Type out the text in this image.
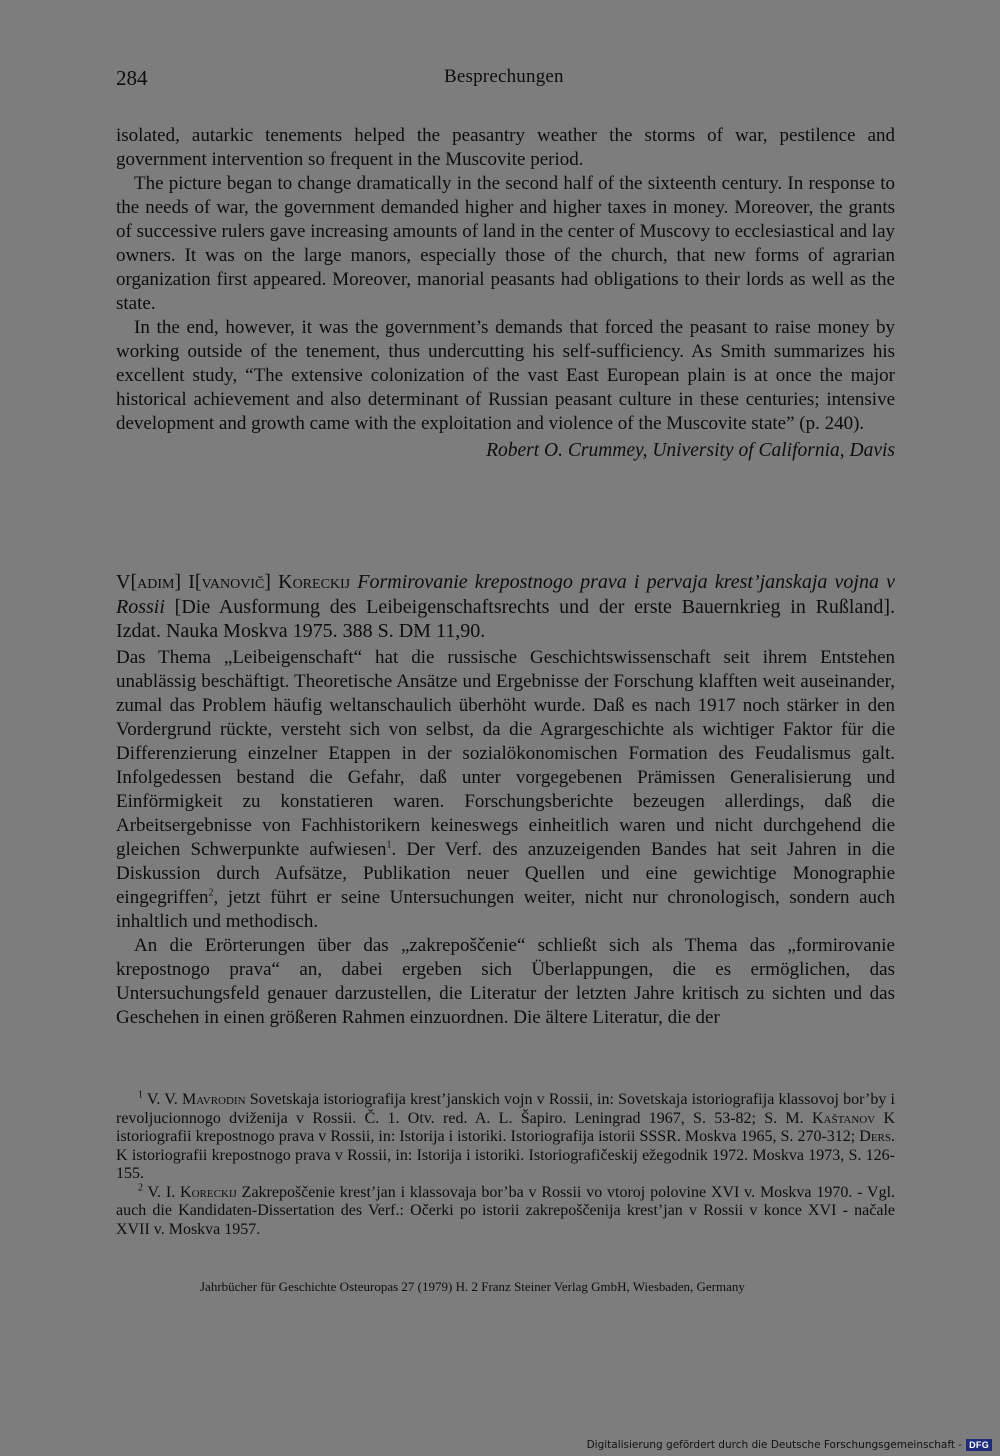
284	Besprechungen

isolated, autarkic tenements helped the peasantry weather the storms of war, pestilence and government intervention so frequent in the Muscovite period.

The picture began to change dramatically in the second half of the sixteenth century. In response to the needs of war, the government demanded higher and higher taxes in money. Moreover, the grants of successive rulers gave increasing amounts of land in the center of Muscovy to ecclesiastical and lay owners. It was on the large manors, especially those of the church, that new forms of agrarian organization first appeared. Moreover, manorial peasants had obligations to their lords as well as the state.

In the end, however, it was the government’s demands that forced the peasant to raise money by working outside of the tenement, thus undercutting his self-sufficiency. As Smith summarizes his excellent study, “The extensive colonization of the vast East European plain is at once the major historical achievement and also determinant of Russian peasant culture in these centuries; intensive development and growth came with the exploitation and violence of the Muscovite state” (p. 240).

Robert O. Crummey, University of California, Davis

V[adim] I[vanovič] Koreckij Formirovanie krepostnogo prava i pervaja krest’janskaja vojna v Rossii [Die Ausformung des Leibeigenschaftsrechts und der erste Bauernkrieg in Rußland]. Izdat. Nauka Moskva 1975. 388 S. DM 11,90.

Das Thema „Leibeigenschaft“ hat die russische Geschichtswissenschaft seit ihrem Entstehen unablässig beschäftigt. Theoretische Ansätze und Ergebnisse der Forschung klafften weit auseinander, zumal das Problem häufig weltanschaulich überhöht wurde. Daß es nach 1917 noch stärker in den Vordergrund rückte, versteht sich von selbst, da die Agrargeschichte als wichtiger Faktor für die Differenzierung einzelner Etappen in der sozialökonomischen Formation des Feudalismus galt. Infolgedessen bestand die Gefahr, daß unter vorgegebenen Prämissen Generalisierung und Einförmigkeit zu konstatieren waren. Forschungsberichte bezeugen allerdings, daß die Arbeitsergebnisse von Fachhistorikern keineswegs einheitlich waren und nicht durchgehend die gleichen Schwerpunkte aufwiesen$^1$. Der Verf. des anzuzeigenden Bandes hat seit Jahren in die Diskussion durch Aufsätze, Publikation neuer Quellen und eine gewichtige Monographie eingegriffen$^2$, jetzt führt er seine Untersuchungen weiter, nicht nur chronologisch, sondern auch inhaltlich und methodisch.

An die Erörterungen über das „zakrepoščenie“ schließt sich als Thema das „formirovanie krepostnogo prava“ an, dabei ergeben sich Überlappungen, die es ermöglichen, das Untersuchungsfeld genauer darzustellen, die Literatur der letzten Jahre kritisch zu sichten und das Geschehen in einen größeren Rahmen einzuordnen. Die ältere Literatur, die der

$^1$ V. V. Mavrodin Sovetskaja istoriografija krest’janskich vojn v Rossii, in: Sovetskaja istoriografija klassovoj bor’by i revoljucionnogo dviženija v Rossii. Č. 1. Otv. red. A. L. Šapiro. Leningrad 1967, S. 53-82; S. M. Kaštanov K istoriografii krepostnogo prava v Rossii, in: Istorija i istoriki. Istoriografija istorii SSSR. Moskva 1965, S. 270-312; Ders. K istoriografii krepostnogo prava v Rossii, in: Istorija i istoriki. Istoriografičeskij ežegodnik 1972. Moskva 1973, S. 126-155.

$^2$ V. I. Koreckij Zakrepoščenie krest’jan i klassovaja bor’ba v Rossii vo vtoroj polovine XVI v. Moskva 1970. - Vgl. auch die Kandidaten-Dissertation des Verf.: Očerki po istorii zakrepoščenija krest’jan v Rossii v konce XVI - načale XVII v. Moskva 1957.

Jahrbücher für Geschichte Osteuropas 27 (1979) H. 2 Franz Steiner Verlag GmbH, Wiesbaden, Germany
Digitalisierung gefördert durch die Deutsche Forschungsgemeinschaft - DFG
